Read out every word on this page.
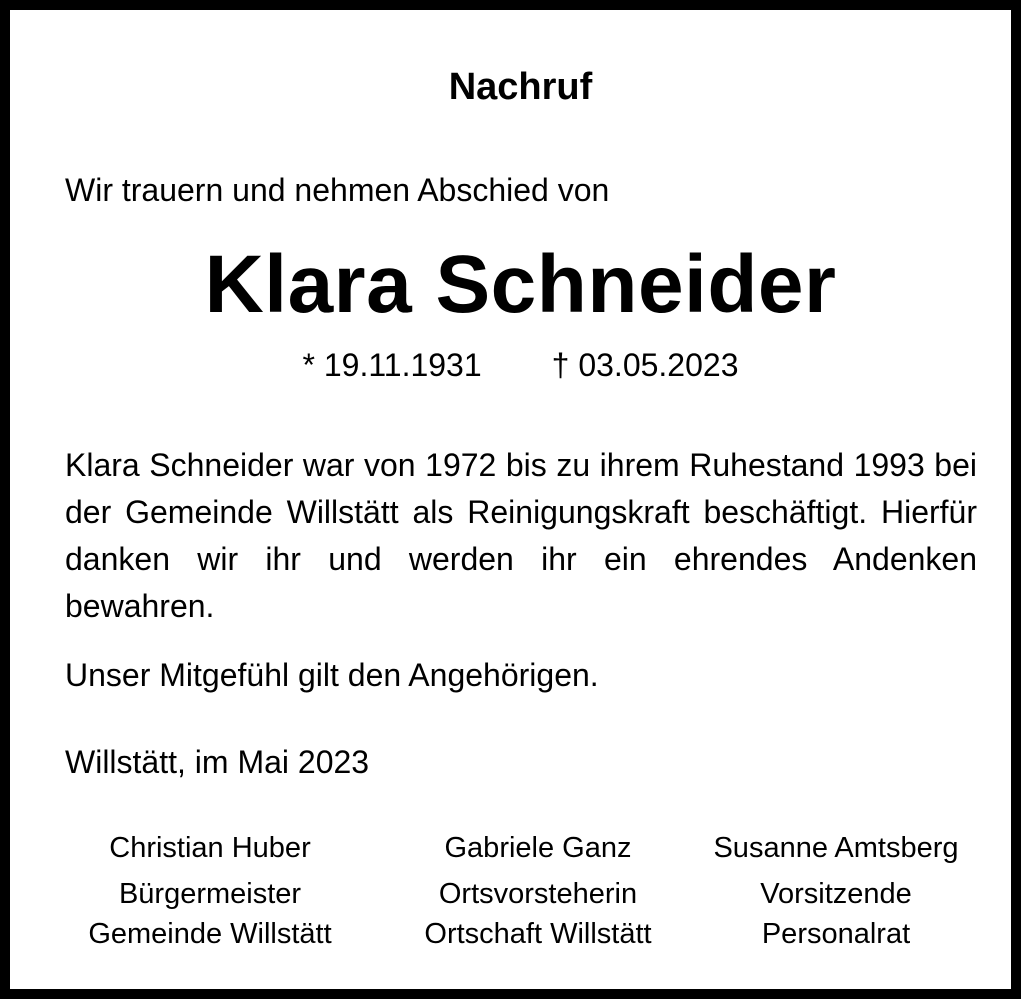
Nachruf
Wir trauern und nehmen Abschied von
Klara Schneider
* 19.11.1931 † 03.05.2023
Klara Schneider war von 1972 bis zu ihrem Ruhestand 1993 bei der Gemeinde Willstätt als Reinigungskraft beschäftigt. Hierfür danken wir ihr und werden ihr ein ehrendes Andenken bewahren.
Unser Mitgefühl gilt den Angehörigen.
Willstätt, im Mai 2023
Christian Huber
Bürgermeister
Gemeinde Willstätt
Gabriele Ganz
Ortsvorsteherin
Ortschaft Willstätt
Susanne Amtsberg
Vorsitzende
Personalrat
